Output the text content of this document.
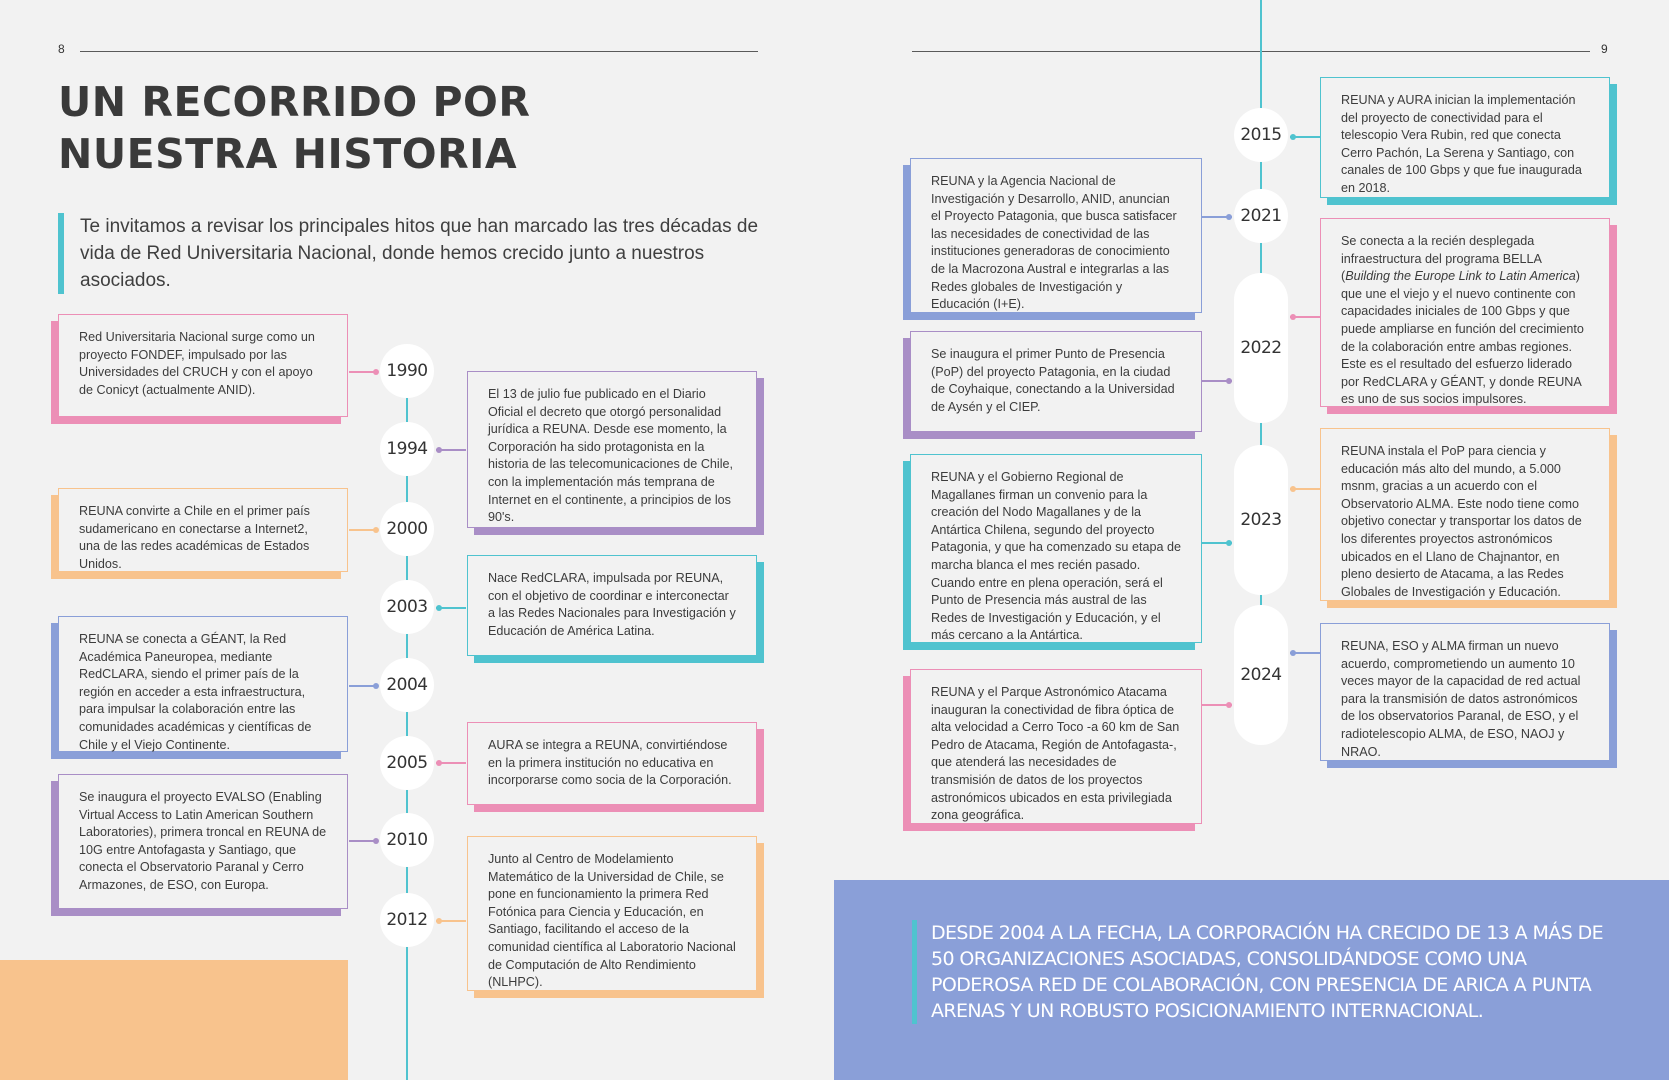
8
UN RECORRIDO POR NUESTRA HISTORIA
Te invitamos a revisar los principales hitos que han marcado las tres décadas de vida de Red Universitaria Nacional, donde hemos crecido junto a nuestros asociados.
1990
1994
2000
2003
2004
2005
2010
2012
Red Universitaria Nacional surge como un proyecto FONDEF, impulsado por las Universidades del CRUCH y con el apoyo de Conicyt (actualmente ANID).	El 13 de julio fue publicado en el Diario Oficial el decreto que otorgó personalidad jurídica a REUNA. Desde ese momento, la Corporación ha sido protagonista en la historia de las telecomunicaciones de Chile, con la implementación más temprana de Internet en el continente, a principios de los 90's.
REUNA convirte a Chile en el primer país sudamericano en conectarse a Internet2, una de las redes académicas de Estados Unidos.
Nace RedCLARA, impulsada por REUNA, con el objetivo de coordinar e interconectar a las Redes Nacionales para Investigación y Educación de América Latina.
REUNA se conecta a GÉANT, la Red Académica Paneuropea, mediante RedCLARA, siendo el primer país de la región en acceder a esta infraestructura, para impulsar la colaboración entre las comunidades académicas y científicas de Chile y el Viejo Continente.	AURA se integra a REUNA, convirtiéndose en la primera institución no educativa en incorporarse como socia de la Corporación.
Se inaugura el proyecto EVALSO (Enabling Virtual Access to Latin American Southern Laboratories), primera troncal en REUNA de 10G entre Antofagasta y Santiago, que conecta el Observatorio Paranal y Cerro Armazones, de ESO, con Europa.
Junto al Centro de Modelamiento Matemático de la Universidad de Chile, se pone en funcionamiento la primera Red Fotónica para Ciencia y Educación, en Santiago, facilitando el acceso de la comunidad científica al Laboratorio Nacional de Computación de Alto Rendimiento (NLHPC).
9
2015
2021
2022
2023
2024
REUNA y la Agencia Nacional de Investigación y Desarrollo, ANID, anuncian el Proyecto Patagonia, que busca satisfacer las necesidades de conectividad de las instituciones generadoras de conocimiento de la Macrozona Austral e integrarlas a las Redes globales de Investigación y Educación (I+E).
Se inaugura el primer Punto de Presencia (PoP) del proyecto Patagonia, en la ciudad de Coyhaique, conectando a la Universidad de Aysén y el CIEP.
REUNA y el Gobierno Regional de Magallanes firman un convenio para la creación del Nodo Magallanes y de la Antártica Chilena, segundo del proyecto Patagonia, y que ha comenzado su etapa de marcha blanca el mes recién pasado. Cuando entre en plena operación, será el Punto de Presencia más austral de las Redes de Investigación y Educación, y el más cercano a la Antártica.
REUNA y el Parque Astronómico Atacama inauguran la conectividad de fibra óptica de alta velocidad a Cerro Toco -a 60 km de San Pedro de Atacama, Región de Antofagasta-, que atenderá las necesidades de transmisión de datos de los proyectos astronómicos ubicados en esta privilegiada zona geográfica.
REUNA y AURA inician la implementación del proyecto de conectividad para el telescopio Vera Rubin, red que conecta Cerro Pachón, La Serena y Santiago, con canales de 100 Gbps y que fue inaugurada en 2018.
Se conecta a la recién desplegada infraestructura del programa BELLA (Building the Europe Link to Latin America) que une el viejo y el nuevo continente con capacidades iniciales de 100 Gbps y que puede ampliarse en función del crecimiento de la colaboración entre ambas regiones. Este es el resultado del esfuerzo liderado por RedCLARA y GÉANT, y donde REUNA es uno de sus socios impulsores.
REUNA instala el PoP para ciencia y educación más alto del mundo, a 5.000 msnm, gracias a un acuerdo con el Observatorio ALMA. Este nodo tiene como objetivo conectar y transportar los datos de los diferentes proyectos astronómicos ubicados en el Llano de Chajnantor, en pleno desierto de Atacama, a las Redes Globales de Investigación y Educación.
REUNA, ESO y ALMA firman un nuevo acuerdo, comprometiendo un aumento 10 veces mayor de la capacidad de red actual para la transmisión de datos astronómicos de los observatorios Paranal, de ESO, y el radiotelescopio ALMA, de ESO, NAOJ y NRAO.
DESDE 2004 A LA FECHA, LA CORPORACIÓN HA CRECIDO DE 13 A MÁS DE 50 ORGANIZACIONES ASOCIADAS, CONSOLIDÁNDOSE COMO UNA PODEROSA RED DE COLABORACIÓN, CON PRESENCIA DE ARICA A PUNTA ARENAS Y UN ROBUSTO POSICIONAMIENTO INTERNACIONAL.
